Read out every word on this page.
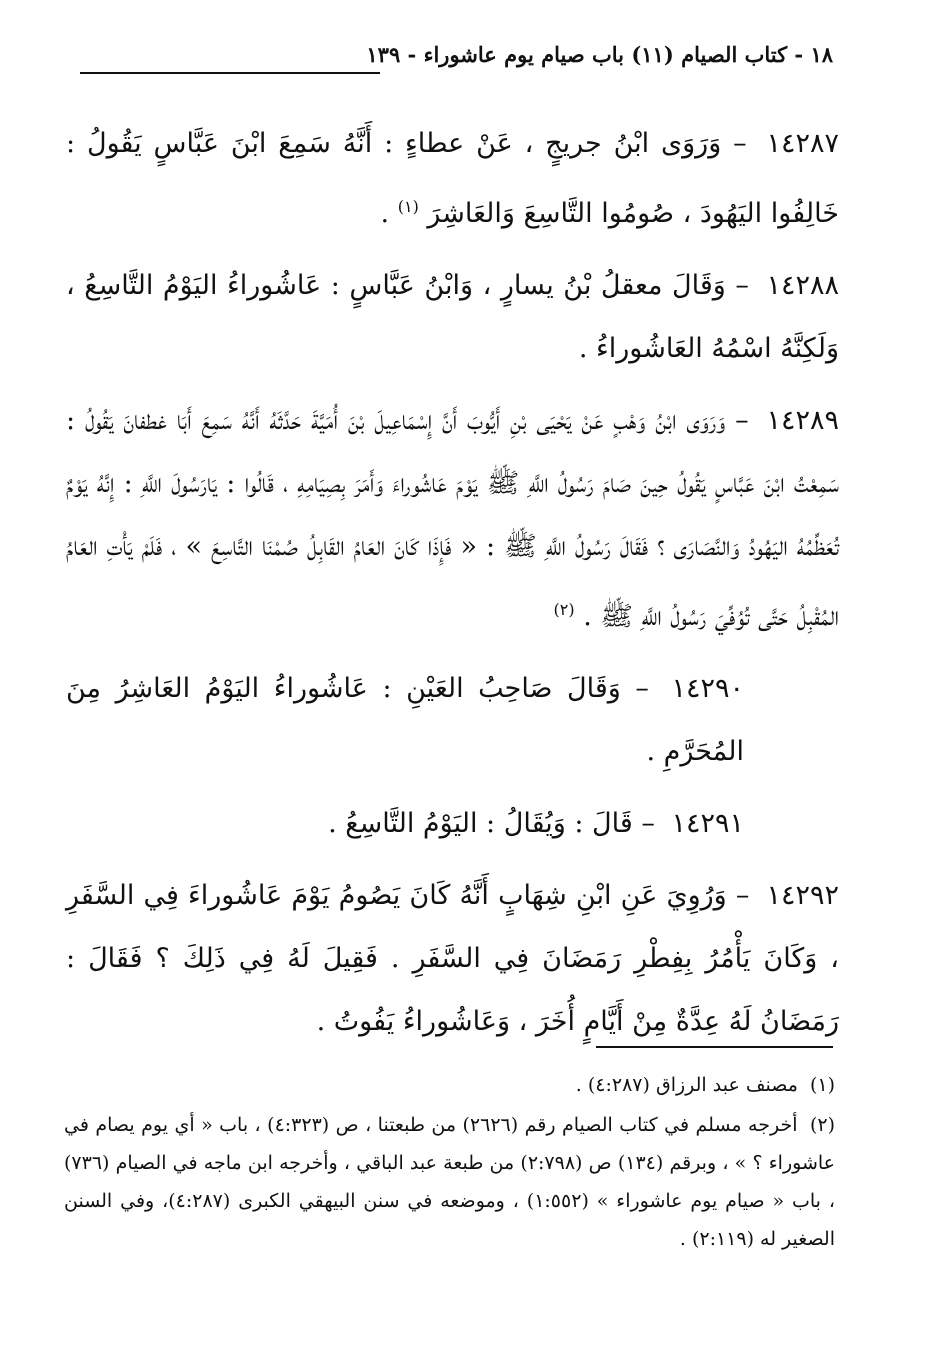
١٨ - كتاب الصيام (١١) باب صيام يوم عاشوراء - ١٣٩

١٤٢٨٧ – وَرَوَى ابْنُ جريجٍ ، عَنْ عطاءٍ : أَنَّهُ سَمِعَ ابْنَ عَبَّاسٍ يَقُولُ : خَالِفُوا اليَهُودَ ، صُومُوا التَّاسِعَ وَالعَاشِرَ $^{(١)}$ .

١٤٢٨٨ – وَقَالَ معقلُ بْنُ يسارٍ ، وَابْنُ عَبَّاسٍ : عَاشُوراءُ اليَوْمُ التَّاسِعُ ، وَلَكِنَّهُ اسْمُهُ العَاشُوراءُ .

١٤٢٨٩ – وَرَوَى ابْنُ وَهْبٍ عَنْ يَحْيَى بْنِ أَيُّوبَ أَنَّ إِسْمَاعِيلَ بْنَ أُمَيَّةَ حَدَّثَهُ أَنَّهُ سَمِعَ أَبَا غطفانَ يَقُولُ : سَمِعْتُ ابْنَ عَبَّاسٍ يَقُولُ حِينَ صَامَ رَسُولُ اللَّهِ ﷺ يَوْمَ عَاشُوراءَ وَأَمَرَ بِصِيَامِهِ ، قَالُوا : يَارَسُولَ اللَّهِ : إِنَّهُ يَوْمٌ تُعَظِّمُهُ اليَهُودُ وَالنَّصَارَى ؟ فَقَالَ رَسُولُ اللَّهِ ﷺ : « فَإِذَا كَانَ العَامُ القَابِلُ صُمْنَا التَّاسِعَ » ، فَلَمْ يَأْتِ العَامُ المُقْبِلُ حَتَّى تُوُفِّيَ رَسُولُ اللَّهِ ﷺ . $^{(٢)}$

١٤٢٩٠ – وَقَالَ صَاحِبُ العَيْنِ : عَاشُوراءُ اليَوْمُ العَاشِرُ مِنَ المُحَرَّمِ .

١٤٢٩١ – قَالَ : وَيُقَالُ : اليَوْمُ التَّاسِعُ .

١٤٢٩٢ – وَرُوِيَ عَنِ ابْنِ شِهَابٍ أَنَّهُ كَانَ يَصُومُ يَوْمَ عَاشُوراءَ فِي السَّفَرِ ، وَكَانَ يَأْمُرُ بِفِطْرِ رَمَضَانَ فِي السَّفَرِ . فَقِيلَ لَهُ فِي ذَلِكَ ؟ فَقَالَ : رَمَضَانُ لَهُ عِدَّةٌ مِنْ أَيَّامٍ أُخَرَ ، وَعَاشُوراءُ يَفُوتُ .

(١) مصنف عبد الرزاق (٤:٢٨٧) .

(٢) أخرجه مسلم في كتاب الصيام رقم (٢٦٢٦) من طبعتنا ، ص (٤:٣٢٣) ، باب « أي يوم يصام في عاشوراء ؟ » ، وبرقم (١٣٤) ص (٢:٧٩٨) من طبعة عبد الباقي ، وأخرجه ابن ماجه في الصيام (٧٣٦) ، باب « صيام يوم عاشوراء » (١:٥٥٢) ، وموضعه في سنن البيهقي الكبرى (٤:٢٨٧)، وفي السنن الصغير له (٢:١١٩) .
